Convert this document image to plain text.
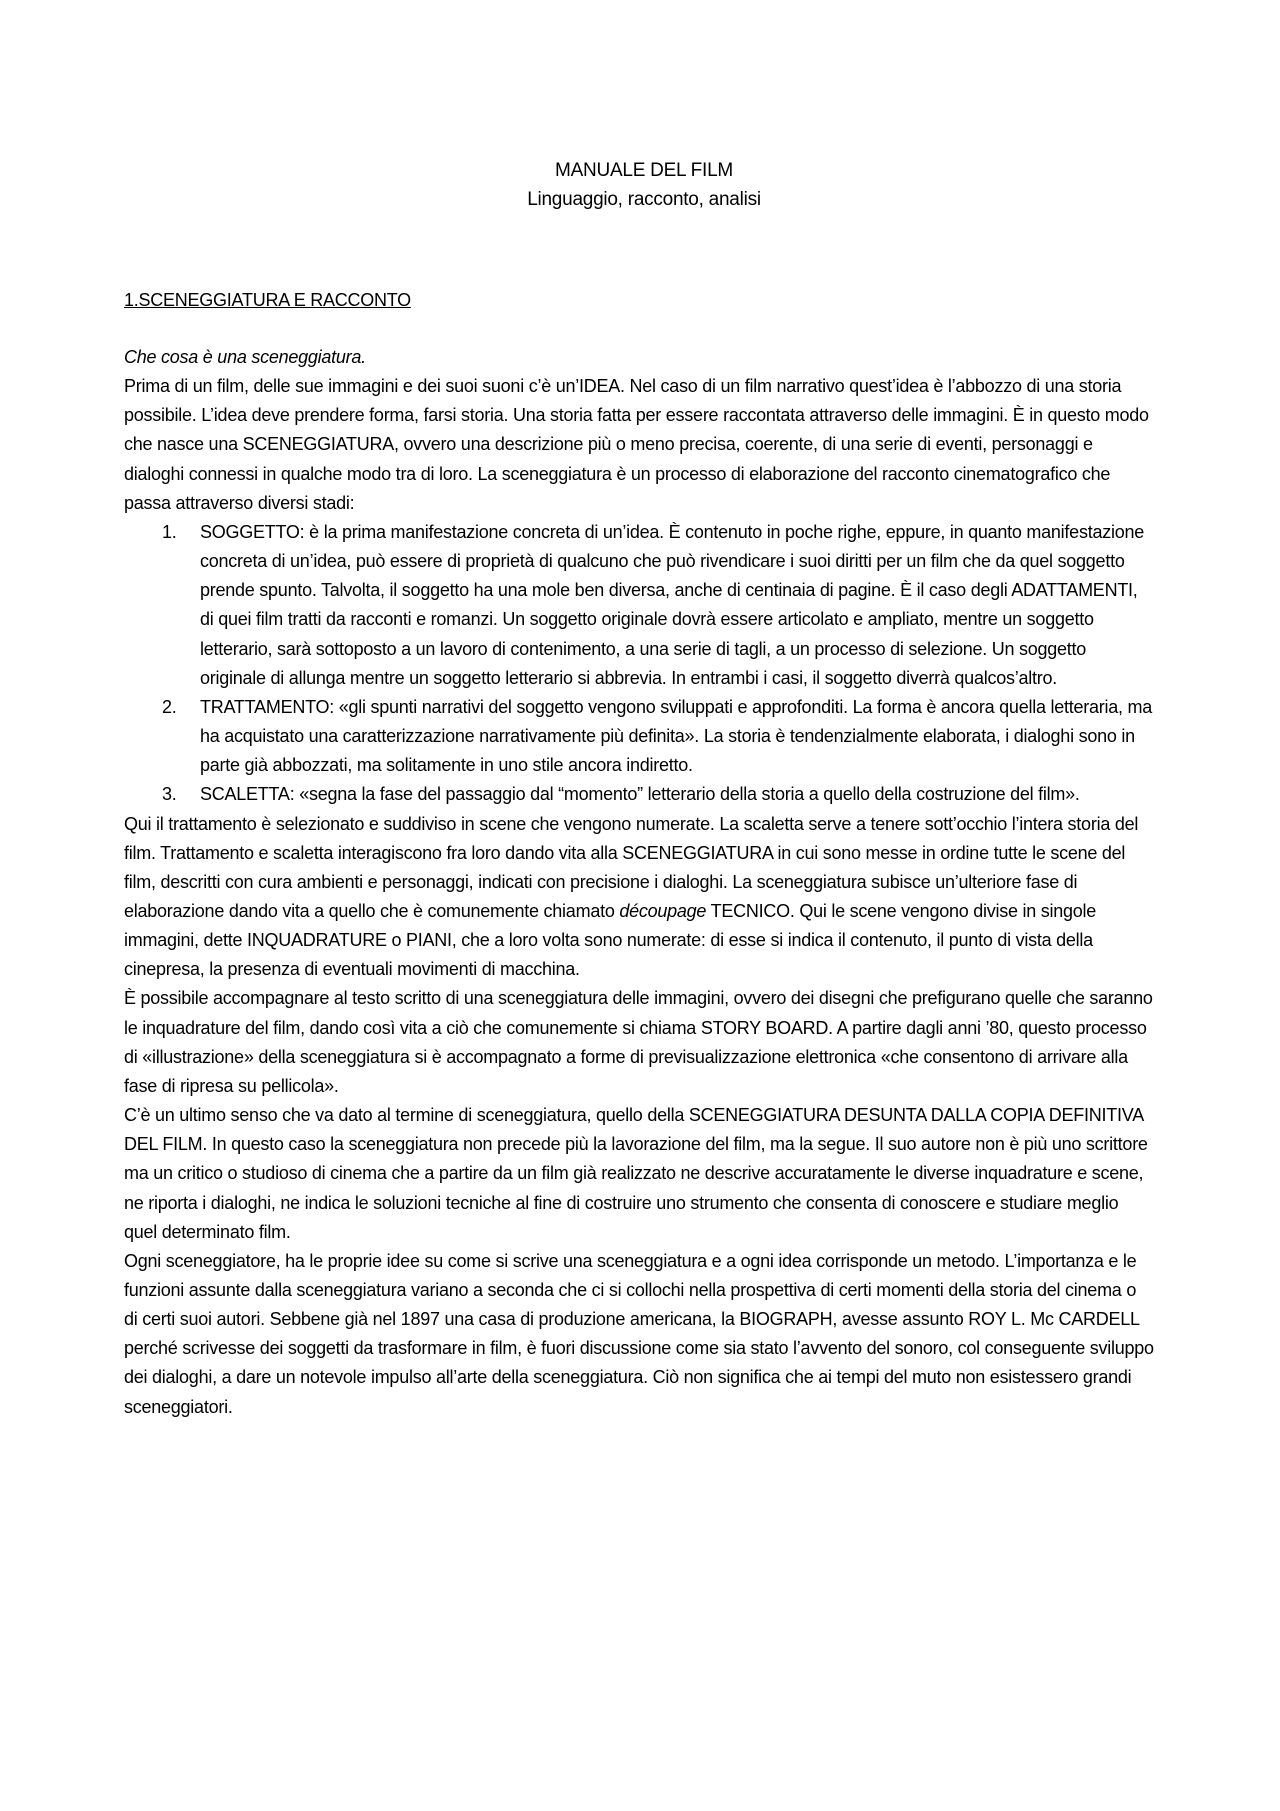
MANUALE DEL FILM
Linguaggio, racconto, analisi
1.SCENEGGIATURA E RACCONTO

Che cosa è una sceneggiatura.

Prima di un film, delle sue immagini e dei suoi suoni c’è un’IDEA. Nel caso di un film narrativo quest’idea è l’abbozzo di una storia possibile. L’idea deve prendere forma, farsi storia. Una storia fatta per essere raccontata attraverso delle immagini. È in questo modo che nasce una SCENEGGIATURA, ovvero una descrizione più o meno precisa, coerente, di una serie di eventi, personaggi e dialoghi connessi in qualche modo tra di loro. La sceneggiatura è un processo di elaborazione del racconto cinematografico che passa attraverso diversi stadi:

1. SOGGETTO: è la prima manifestazione concreta di un’idea. È contenuto in poche righe, eppure, in quanto manifestazione concreta di un’idea, può essere di proprietà di qualcuno che può rivendicare i suoi diritti per un film che da quel soggetto prende spunto. Talvolta, il soggetto ha una mole ben diversa, anche di centinaia di pagine. È il caso degli ADATTAMENTI, di quei film tratti da racconti e romanzi. Un soggetto originale dovrà essere articolato e ampliato, mentre un soggetto letterario, sarà sottoposto a un lavoro di contenimento, a una serie di tagli, a un processo di selezione. Un soggetto originale di allunga mentre un soggetto letterario si abbrevia. In entrambi i casi, il soggetto diverrà qualcos’altro.
2. TRATTAMENTO: «gli spunti narrativi del soggetto vengono sviluppati e approfonditi. La forma è ancora quella letteraria, ma ha acquistato una caratterizzazione narrativamente più definita». La storia è tendenzialmente elaborata, i dialoghi sono in parte già abbozzati, ma solitamente in uno stile ancora indiretto.
3. SCALETTA: «segna la fase del passaggio dal “momento” letterario della storia a quello della costruzione del film».

Qui il trattamento è selezionato e suddiviso in scene che vengono numerate. La scaletta serve a tenere sott’occhio l’intera storia del film. Trattamento e scaletta interagiscono fra loro dando vita alla SCENEGGIATURA in cui sono messe in ordine tutte le scene del film, descritti con cura ambienti e personaggi, indicati con precisione i dialoghi. La sceneggiatura subisce un’ulteriore fase di elaborazione dando vita a quello che è comunemente chiamato découpage TECNICO. Qui le scene vengono divise in singole immagini, dette INQUADRATURE o PIANI, che a loro volta sono numerate: di esse si indica il contenuto, il punto di vista della cinepresa, la presenza di eventuali movimenti di macchina.

È possibile accompagnare al testo scritto di una sceneggiatura delle immagini, ovvero dei disegni che prefigurano quelle che saranno le inquadrature del film, dando così vita a ciò che comunemente si chiama STORY BOARD. A partire dagli anni ’80, questo processo di «illustrazione» della sceneggiatura si è accompagnato a forme di previsualizzazione elettronica «che consentono di arrivare alla fase di ripresa su pellicola».

C’è un ultimo senso che va dato al termine di sceneggiatura, quello della SCENEGGIATURA DESUNTA DALLA COPIA DEFINITIVA DEL FILM. In questo caso la sceneggiatura non precede più la lavorazione del film, ma la segue. Il suo autore non è più uno scrittore ma un critico o studioso di cinema che a partire da un film già realizzato ne descrive accuratamente le diverse inquadrature e scene, ne riporta i dialoghi, ne indica le soluzioni tecniche al fine di costruire uno strumento che consenta di conoscere e studiare meglio quel determinato film.

Ogni sceneggiatore, ha le proprie idee su come si scrive una sceneggiatura e a ogni idea corrisponde un metodo. L’importanza e le funzioni assunte dalla sceneggiatura variano a seconda che ci si collochi nella prospettiva di certi momenti della storia del cinema o di certi suoi autori. Sebbene già nel 1897 una casa di produzione americana, la BIOGRAPH, avesse assunto ROY L. Mc CARDELL perché scrivesse dei soggetti da trasformare in film, è fuori discussione come sia stato l’avvento del sonoro, col conseguente sviluppo dei dialoghi, a dare un notevole impulso all’arte della sceneggiatura. Ciò non significa che ai tempi del muto non esistessero grandi sceneggiatori.
